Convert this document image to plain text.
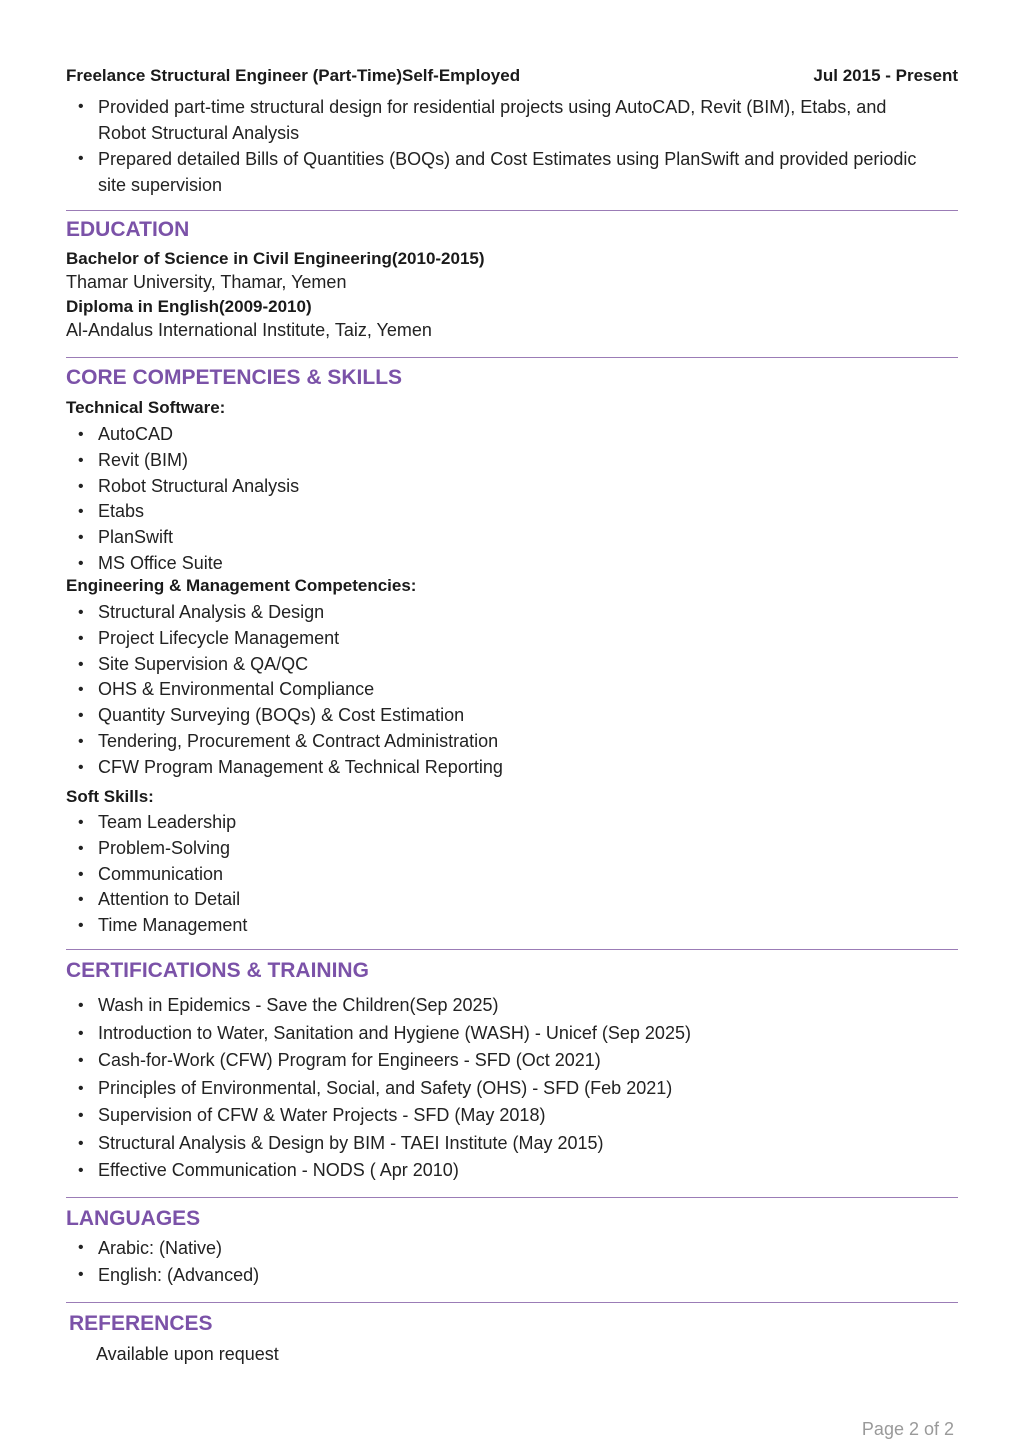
Freelance Structural Engineer (Part-Time)Self-Employed	Jul 2015 - Present
• Provided part-time structural design for residential projects using AutoCAD, Revit (BIM), Etabs, and Robot Structural Analysis
• Prepared detailed Bills of Quantities (BOQs) and Cost Estimates using PlanSwift and provided periodic site supervision
EDUCATION
Bachelor of Science in Civil Engineering(2010-2015)
Thamar University, Thamar, Yemen
Diploma in English(2009-2010)
Al-Andalus International Institute, Taiz, Yemen
CORE COMPETENCIES & SKILLS
Technical Software:
• AutoCAD
• Revit (BIM)
• Robot Structural Analysis
• Etabs
• PlanSwift
• MS Office Suite
Engineering & Management Competencies:
• Structural Analysis & Design
• Project Lifecycle Management
• Site Supervision & QA/QC
• OHS & Environmental Compliance
• Quantity Surveying (BOQs) & Cost Estimation
• Tendering, Procurement & Contract Administration
• CFW Program Management & Technical Reporting
Soft Skills:
• Team Leadership
• Problem-Solving
• Communication
• Attention to Detail
• Time Management
CERTIFICATIONS & TRAINING
• Wash in Epidemics - Save the Children(Sep 2025)
• Introduction to Water, Sanitation and Hygiene (WASH) - Unicef (Sep 2025)
• Cash-for-Work (CFW) Program for Engineers - SFD (Oct 2021)
• Principles of Environmental, Social, and Safety (OHS) - SFD (Feb 2021)
• Supervision of CFW & Water Projects - SFD (May 2018)
• Structural Analysis & Design by BIM - TAEI Institute (May 2015)
• Effective Communication - NODS ( Apr 2010)
LANGUAGES
• Arabic: (Native)
• English: (Advanced)
REFERENCES
Available upon request
Page 2 of 2
